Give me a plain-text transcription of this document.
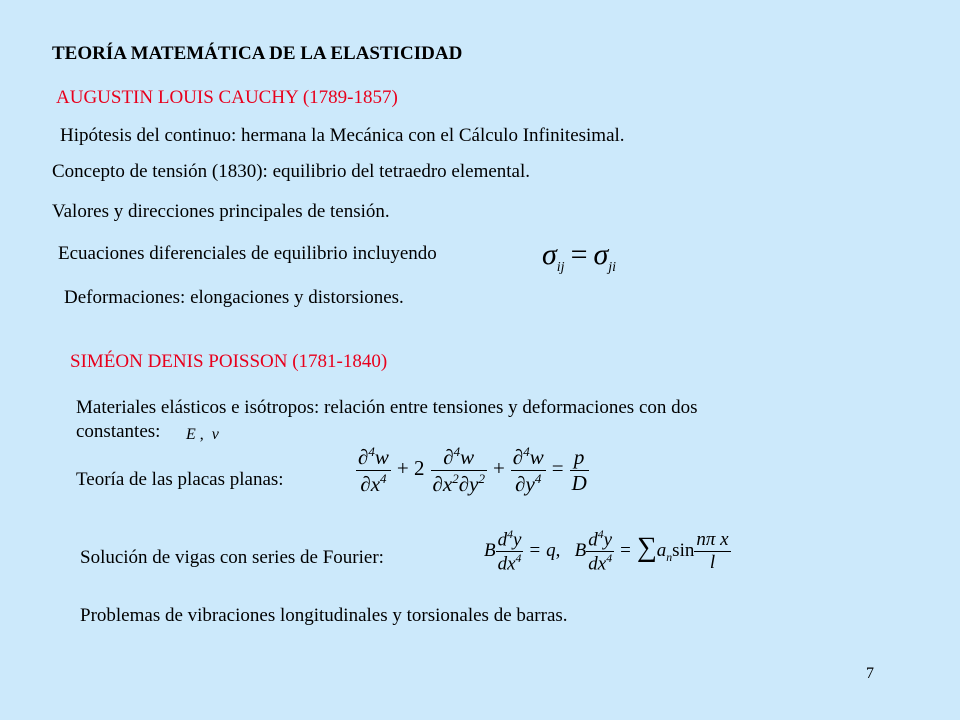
TEORÍA MATEMÁTICA DE LA ELASTICIDAD
AUGUSTIN LOUIS CAUCHY (1789-1857)
Hipótesis del continuo: hermana la Mecánica con el Cálculo Infinitesimal.
Concepto de tensión (1830): equilibrio del tetraedro elemental.
Valores y direcciones principales de tensión.
Ecuaciones diferenciales de equilibrio incluyendo	$\sigma_{ij} = \sigma_{ji}$
Deformaciones: elongaciones y distorsiones.
SIMÉON DENIS POISSON (1781-1840)
Materiales elásticos e isótropos: relación entre tensiones y deformaciones con dos
constantes: E ,  ν
Teoría de las placas planas:	$\frac{\partial^4w}{\partial x^4} + 2 \frac{\partial^4w}{\partial x^2\partial y^2} + \frac{\partial^4w}{\partial y^4} = \frac{p}{D}$
Solución de vigas con series de Fourier:	B $\frac{d^4y}{dx^4} = q$,   B $\frac{d^4y}{dx^4} = \sum a_n\sin \frac{\text{nπ x}}{l}$
Problemas de vibraciones longitudinales y torsionales de barras.
7
